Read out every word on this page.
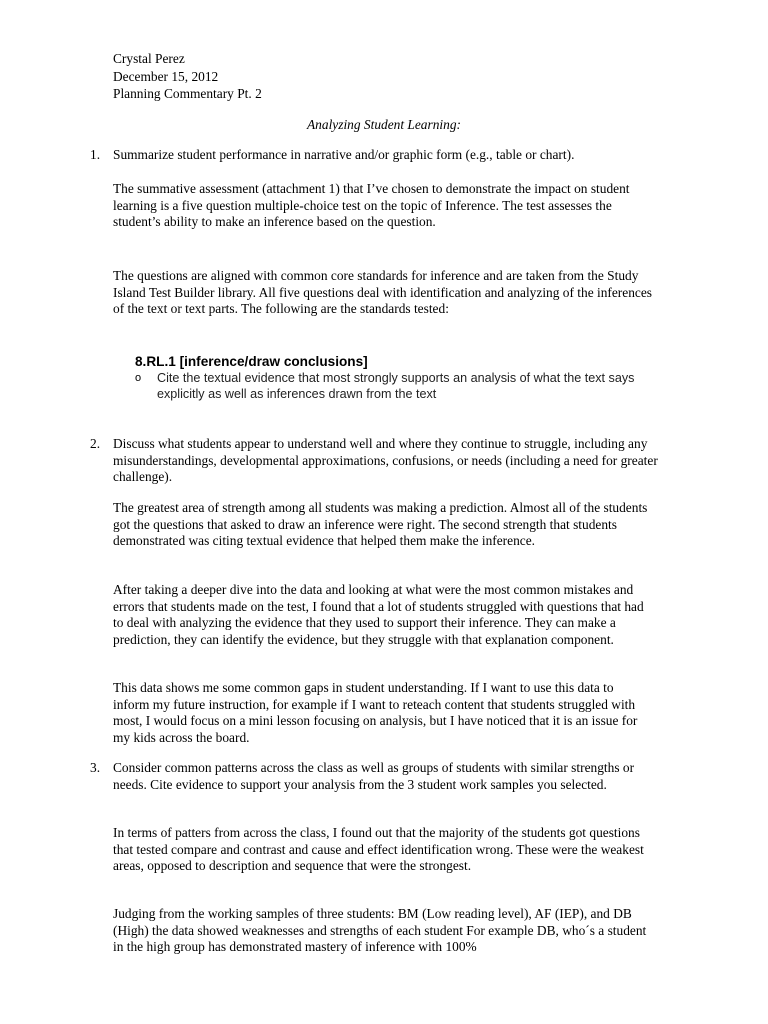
Crystal Perez
December 15, 2012
Planning Commentary Pt. 2
Analyzing Student Learning:
1. Summarize student performance in narrative and/or graphic form (e.g., table or chart).
The summative assessment (attachment 1) that I’ve chosen to demonstrate the impact on student learning is a five question multiple-choice test on the topic of Inference. The test assesses the student’s ability to make an inference based on the question.
The questions are aligned with common core standards for inference and are taken from the Study Island Test Builder library. All five questions deal with identification and analyzing of the inferences of the text or text parts. The following are the standards tested:
8.RL.1 [inference/draw conclusions]
o Cite the textual evidence that most strongly supports an analysis of what the text says explicitly as well as inferences drawn from the text
2. Discuss what students appear to understand well and where they continue to struggle, including any misunderstandings, developmental approximations, confusions, or needs (including a need for greater challenge).
The greatest area of strength among all students was making a prediction. Almost all of the students got the questions that asked to draw an inference were right. The second strength that students demonstrated was citing textual evidence that helped them make the inference.
After taking a deeper dive into the data and looking at what were the most common mistakes and errors that students made on the test, I found that a lot of students struggled with questions that had to deal with analyzing the evidence that they used to support their inference. They can make a prediction, they can identify the evidence, but they struggle with that explanation component.
This data shows me some common gaps in student understanding. If I want to use this data to inform my future instruction, for example if I want to reteach content that students struggled with most, I would focus on a mini lesson focusing on analysis, but I have noticed that it is an issue for my kids across the board.
3. Consider common patterns across the class as well as groups of students with similar strengths or needs. Cite evidence to support your analysis from the 3 student work samples you selected.
In terms of patters from across the class, I found out that the majority of the students got questions that tested compare and contrast and cause and effect identification wrong. These were the weakest areas, opposed to description and sequence that were the strongest.
Judging from the working samples of three students: BM (Low reading level), AF (IEP), and DB (High) the data showed weaknesses and strengths of each student For example DB, who´s a student in the high group has demonstrated mastery of inference with 100%
